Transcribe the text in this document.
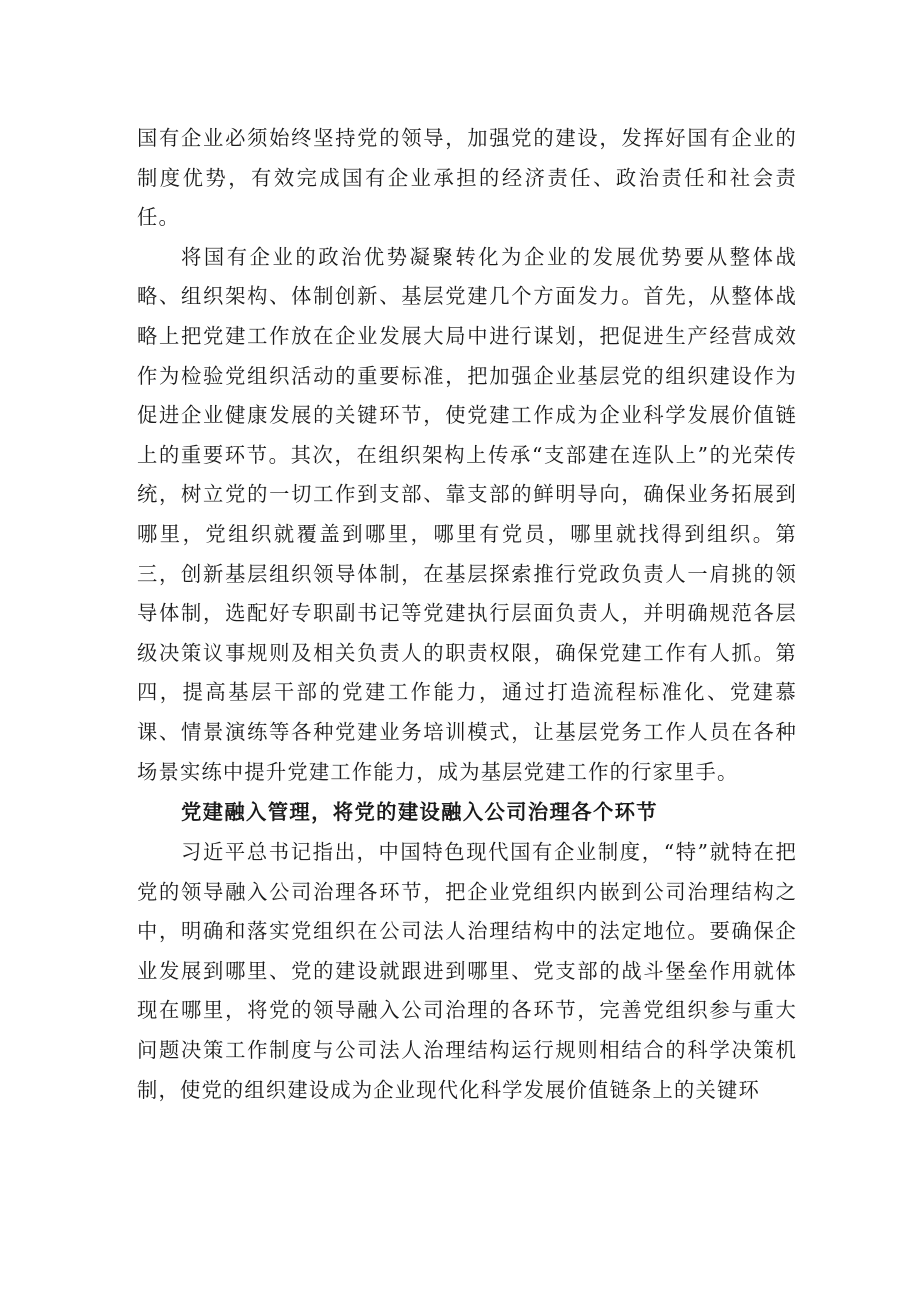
国有企业必须始终坚持党的领导，加强党的建设，发挥好国有企业的制度优势，有效完成国有企业承担的经济责任、政治责任和社会责任。

将国有企业的政治优势凝聚转化为企业的发展优势要从整体战略、组织架构、体制创新、基层党建几个方面发力。首先，从整体战略上把党建工作放在企业发展大局中进行谋划，把促进生产经营成效作为检验党组织活动的重要标准，把加强企业基层党的组织建设作为促进企业健康发展的关键环节，使党建工作成为企业科学发展价值链上的重要环节。其次，在组织架构上传承“支部建在连队上”的光荣传统，树立党的一切工作到支部、靠支部的鲜明导向，确保业务拓展到哪里，党组织就覆盖到哪里，哪里有党员，哪里就找得到组织。第三，创新基层组织领导体制，在基层探索推行党政负责人一肩挑的领导体制，选配好专职副书记等党建执行层面负责人，并明确规范各层级决策议事规则及相关负责人的职责权限，确保党建工作有人抓。第四，提高基层干部的党建工作能力，通过打造流程标准化、党建慕课、情景演练等各种党建业务培训模式，让基层党务工作人员在各种场景实练中提升党建工作能力，成为基层党建工作的行家里手。

党建融入管理，将党的建设融入公司治理各个环节

习近平总书记指出，中国特色现代国有企业制度，“特”就特在把党的领导融入公司治理各环节，把企业党组织内嵌到公司治理结构之中，明确和落实党组织在公司法人治理结构中的法定地位。要确保企业发展到哪里、党的建设就跟进到哪里、党支部的战斗堡垒作用就体现在哪里，将党的领导融入公司治理的各环节，完善党组织参与重大问题决策工作制度与公司法人治理结构运行规则相结合的科学决策机制，使党的组织建设成为企业现代化科学发展价值链条上的关键环
